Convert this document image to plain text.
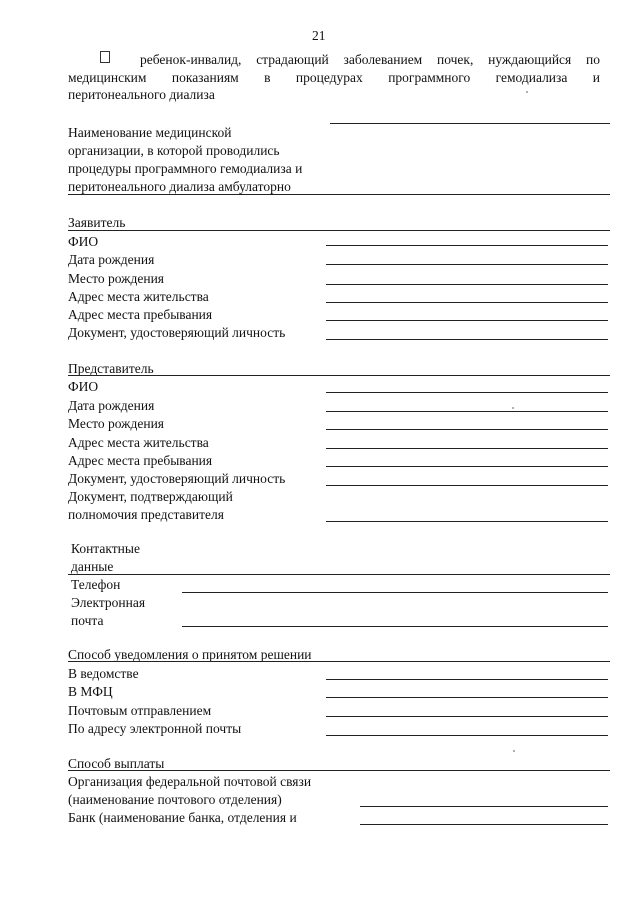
21
ребенок-инвалид, страдающий заболеванием почек, нуждающийся по
медицинским показаниям в процедурах программного гемодиализа и
перитонеального диализа
Наименование медицинской
организации, в которой проводились
процедуры программного гемодиализа и
перитонеального диализа амбулаторно
Заявитель
ФИО
Дата рождения
Место рождения
Адрес места жительства
Адрес места пребывания
Документ, удостоверяющий личность
Представитель
ФИО
Дата рождения
Место рождения
Адрес места жительства
Адрес места пребывания
Документ, удостоверяющий личность
Документ, подтверждающий
полномочия представителя
Контактные
данные
Телефон
Электронная
почта
Способ уведомления о принятом решении
В ведомстве
В МФЦ
Почтовым отправлением
По адресу электронной почты
Способ выплаты
Организация федеральной почтовой связи
(наименование почтового отделения)
Банк (наименование банка, отделения и
